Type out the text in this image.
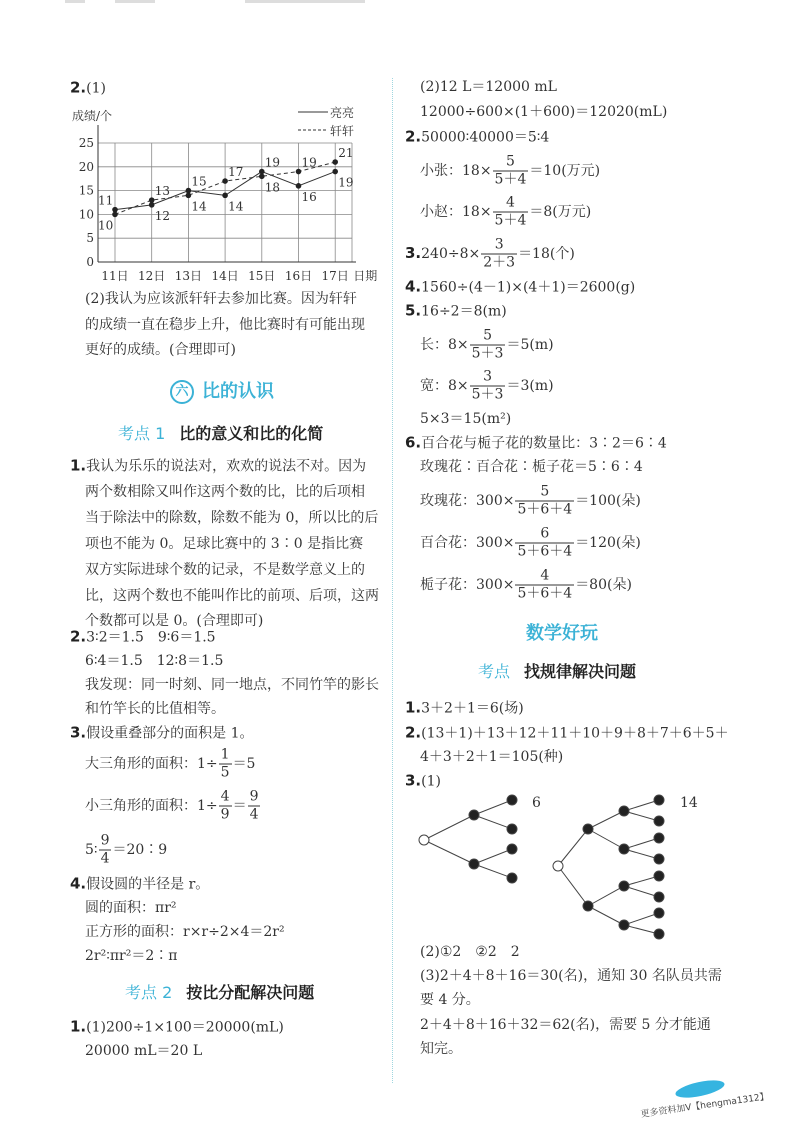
2.(1)
0
5
10
15
20
25
11日 12日 13日 14日 15日 16日 17日 日期
成绩/个	亮亮
轩轩
11
12
15
14
19
16
19
10
13
14
17
18
19
21
(2)我认为应该派轩轩去参加比赛。因为轩轩
的成绩一直在稳步上升，他比赛时有可能出现
更好的成绩。(合理即可)
六 比的认识
考点 1 比的意义和比的化简
1.我认为乐乐的说法对，欢欢的说法不对。因为
两个数相除又叫作这两个数的比，比的后项相
当于除法中的除数，除数不能为 0，所以比的后
项也不能为 0。足球比赛中的 3∶0 是指比赛
双方实际进球个数的记录，不是数学意义上的
比，这两个数也不能叫作比的前项、后项，这两
个数都可以是 0。(合理即可)
2.3∶2＝1.5　9∶6＝1.5
6∶4＝1.5　12∶8＝1.5
我发现：同一时刻、同一地点，不同竹竿的影长
和竹竿长的比值相等。
3.假设重叠部分的面积是 1。
大三角形的面积：$1\div \frac{1}{5} =5$
小三角形的面积：$1\div \frac{4}{9} = \frac{9}{4}$
5∶ $\frac{9}{4}$ ＝20∶9
4.假设圆的半径是 r。
圆的面积：πr²
正方形的面积：r×r÷2×4＝2r²
2r²∶πr²＝2∶π
考点 2 按比分配解决问题
1.(1)200÷1×100＝20000(mL)
20000 mL＝20 L
(2)12 L＝12000 mL
12000÷600×(1＋600)＝12020(mL)
2.50000∶40000＝5∶4
小张：$18\times \frac{5}{5+4} =10$(万元)
小赵：$18\times \frac{4}{5+4} =8$(万元)
$3.240\div 8\times \frac{3}{2+3} =18$(个)
4.1560÷(4－1)×(4＋1)＝2600(g)
5.16÷2＝8(m)
长：$8\times \frac{5}{5+3} =5(m)$
宽：$8\times \frac{3}{5+3} =3(m)$
5×3＝15(m²)
6.百合花与栀子花的数量比：3∶2＝6∶4
玫瑰花∶百合花∶栀子花＝5∶6∶4
玫瑰花：$300\times \frac{5}{5+6+4} =100$(朵)
百合花：$300\times \frac{6}{5+6+4} =120$(朵)
栀子花：$300\times \frac{4}{5+6+4} =80$(朵)
数学好玩
考点 找规律解决问题
1.3＋2＋1＝6(场)
2.(13＋1)＋13＋12＋11＋10＋9＋8＋7＋6＋5＋
4＋3＋2＋1＝105(种)
3.(1)
6	14
(2)①2　②2　2
(3)2＋4＋8＋16＝30(名)，通知 30 名队员共需
要 4 分。
2＋4＋8＋16＋32＝62(名)，需要 5 分才能通
知完。
更多资料加V【hengma1312】
